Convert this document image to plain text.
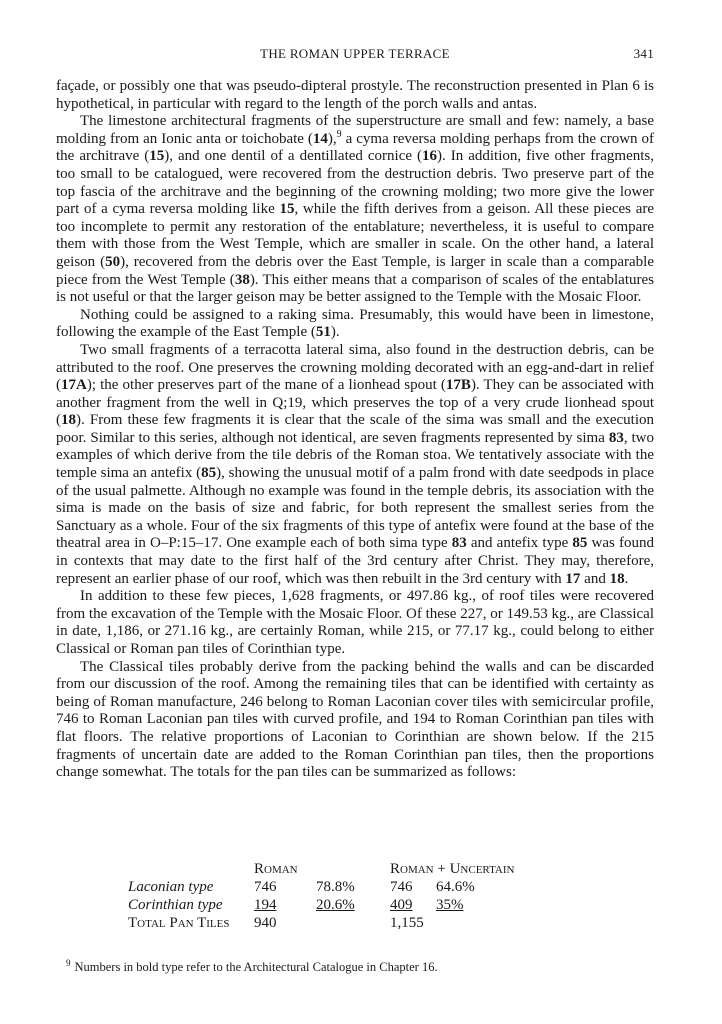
THE ROMAN UPPER TERRACE	341

façade, or possibly one that was pseudo-dipteral prostyle. The reconstruction presented in Plan 6 is hypothetical, in particular with regard to the length of the porch walls and antas.

The limestone architectural fragments of the superstructure are small and few: namely, a base molding from an Ionic anta or toichobate (14),$^9$ a cyma reversa molding perhaps from the crown of the architrave (15), and one dentil of a dentillated cornice (16). In addition, five other fragments, too small to be catalogued, were recovered from the destruction debris. Two preserve part of the top fascia of the architrave and the beginning of the crowning molding; two more give the lower part of a cyma reversa molding like 15, while the fifth derives from a geison. All these pieces are too incomplete to permit any restoration of the entablature; nevertheless, it is useful to compare them with those from the West Temple, which are smaller in scale. On the other hand, a lateral geison (50), recovered from the debris over the East Temple, is larger in scale than a comparable piece from the West Temple (38). This either means that a comparison of scales of the entablatures is not useful or that the larger geison may be better assigned to the Temple with the Mosaic Floor.

Nothing could be assigned to a raking sima. Presumably, this would have been in limestone, following the example of the East Temple (51).

Two small fragments of a terracotta lateral sima, also found in the destruction debris, can be attributed to the roof. One preserves the crowning molding decorated with an egg-and-dart in relief (17A); the other preserves part of the mane of a lionhead spout (17B). They can be associated with another fragment from the well in Q;19, which preserves the top of a very crude lionhead spout (18). From these few fragments it is clear that the scale of the sima was small and the execution poor. Similar to this series, although not identical, are seven fragments represented by sima 83, two examples of which derive from the tile debris of the Roman stoa. We tentatively associate with the temple sima an antefix (85), showing the unusual motif of a palm frond with date seedpods in place of the usual palmette. Although no example was found in the temple debris, its association with the sima is made on the basis of size and fabric, for both represent the smallest series from the Sanctuary as a whole. Four of the six fragments of this type of antefix were found at the base of the theatral area in O–P:15–17. One example each of both sima type 83 and antefix type 85 was found in contexts that may date to the first half of the 3rd century after Christ. They may, therefore, represent an earlier phase of our roof, which was then rebuilt in the 3rd century with 17 and 18.

In addition to these few pieces, 1,628 fragments, or 497.86 kg., of roof tiles were recovered from the excavation of the Temple with the Mosaic Floor. Of these 227, or 149.53 kg., are Classical in date, 1,186, or 271.16 kg., are certainly Roman, while 215, or 77.17 kg., could belong to either Classical or Roman pan tiles of Corinthian type.

The Classical tiles probably derive from the packing behind the walls and can be discarded from our discussion of the roof. Among the remaining tiles that can be identified with certainty as being of Roman manufacture, 246 belong to Roman Laconian cover tiles with semicircular profile, 746 to Roman Laconian pan tiles with curved profile, and 194 to Roman Corinthian pan tiles with flat floors. The relative proportions of Laconian to Corinthian are shown below. If the 215 fragments of uncertain date are added to the Roman Corinthian pan tiles, then the proportions change somewhat. The totals for the pan tiles can be summarized as follows:

	Roman		Roman + Uncertain	
Laconian type	746	78.8%	746	64.6%
Corinthian type	194	20.6%	409	35%
Total Pan Tiles	940		1,155	
$^9$ Numbers in bold type refer to the Architectural Catalogue in Chapter 16.
